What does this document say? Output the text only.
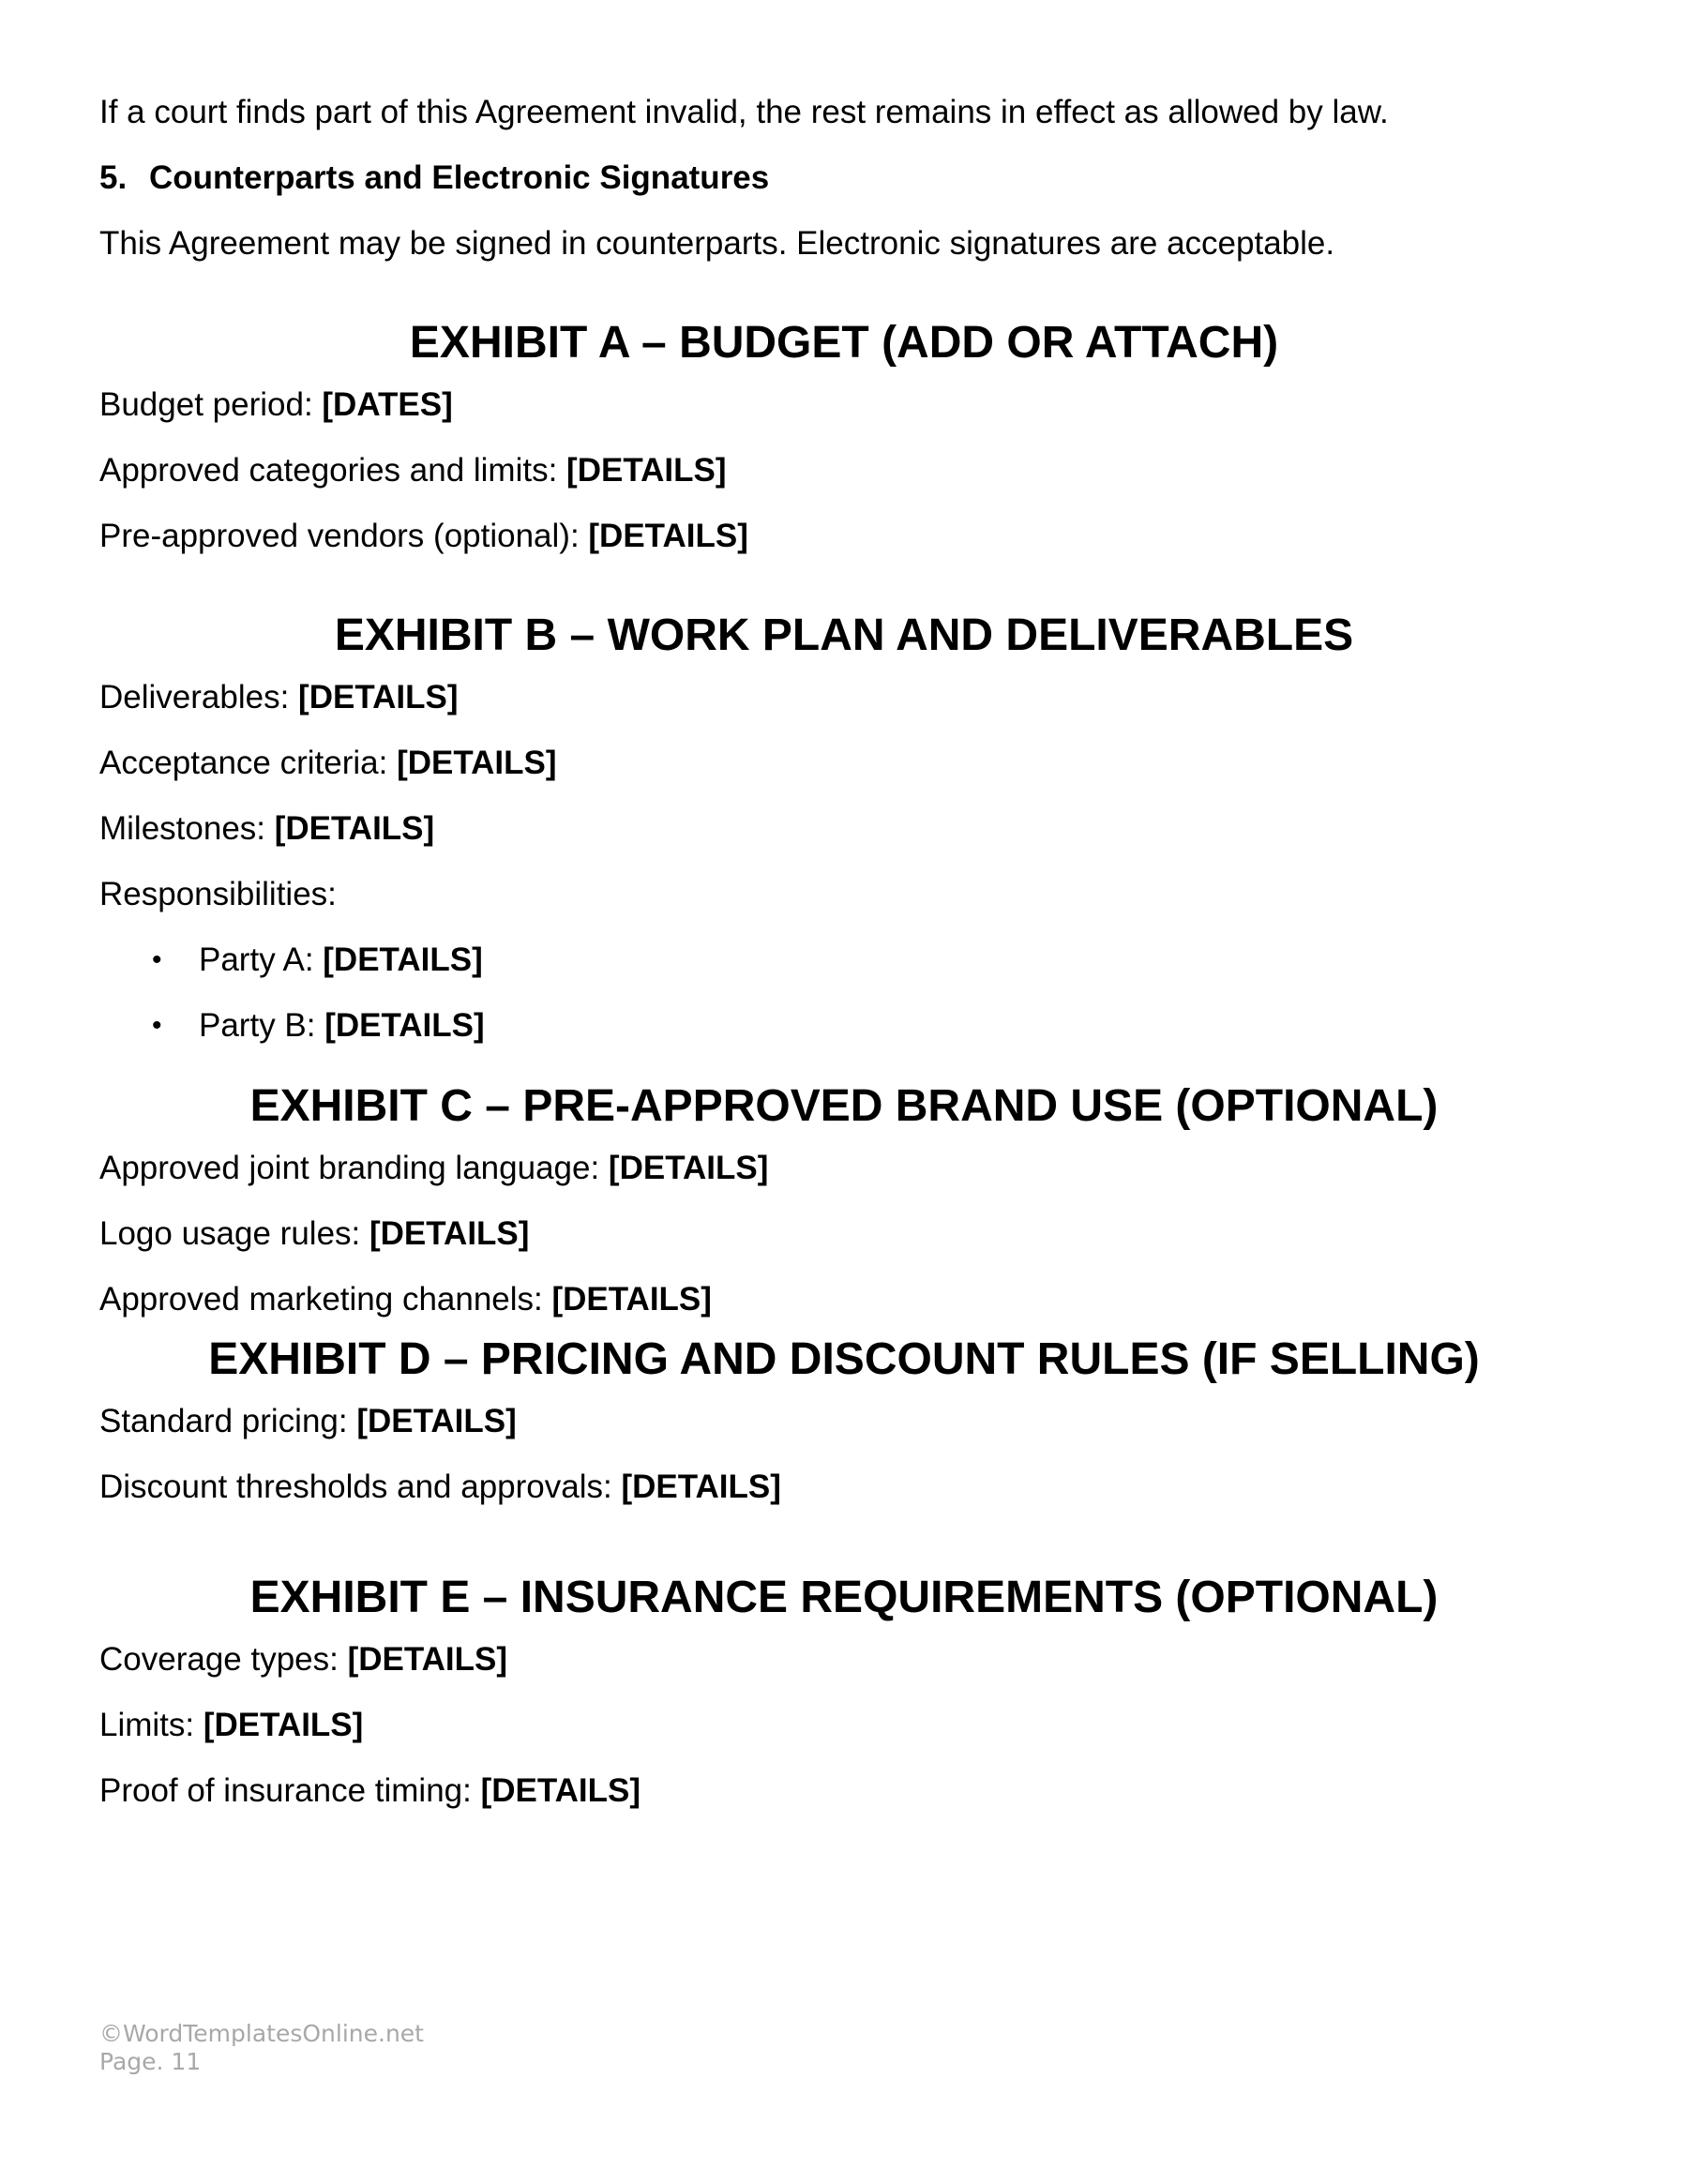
If a court finds part of this Agreement invalid, the rest remains in effect as allowed by law.

5. Counterparts and Electronic Signatures

This Agreement may be signed in counterparts. Electronic signatures are acceptable.

EXHIBIT A – BUDGET (ADD OR ATTACH)

Budget period: [DATES]

Approved categories and limits: [DETAILS]

Pre-approved vendors (optional): [DETAILS]

EXHIBIT B – WORK PLAN AND DELIVERABLES

Deliverables: [DETAILS]

Acceptance criteria: [DETAILS]

Milestones: [DETAILS]

Responsibilities:

• Party A: [DETAILS]
• Party B: [DETAILS]
EXHIBIT C – PRE-APPROVED BRAND USE (OPTIONAL)

Approved joint branding language: [DETAILS]

Logo usage rules: [DETAILS]

Approved marketing channels: [DETAILS]

EXHIBIT D – PRICING AND DISCOUNT RULES (IF SELLING)

Standard pricing: [DETAILS]

Discount thresholds and approvals: [DETAILS]

EXHIBIT E – INSURANCE REQUIREMENTS (OPTIONAL)

Coverage types: [DETAILS]

Limits: [DETAILS]

Proof of insurance timing: [DETAILS]

©WordTemplatesOnline.net
Page. 11
